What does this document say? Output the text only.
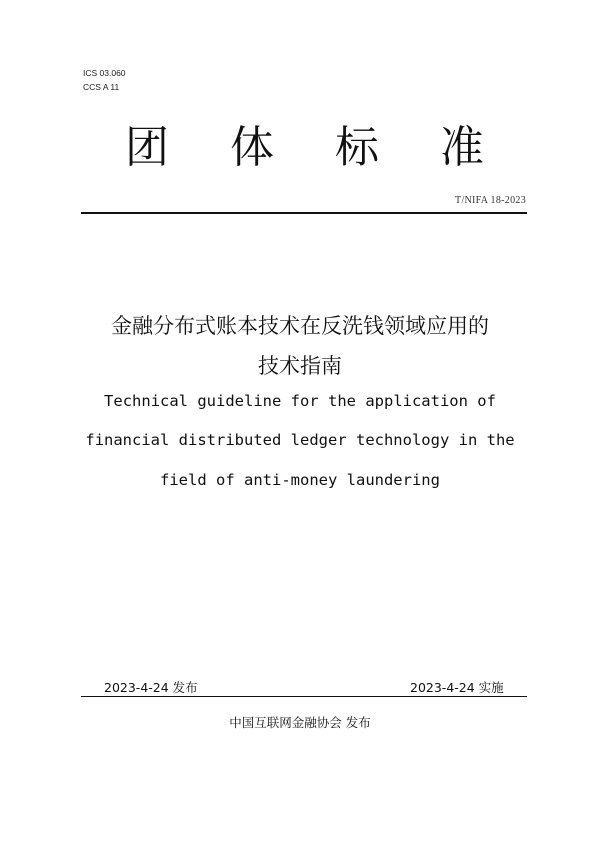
ICS 03.060
CCS A 11
团 体 标 准
T/NIFA 18-2023
金融分布式账本技术在反洗钱领域应用的
技术指南
Technical guideline for the application of
financial distributed ledger technology in the
field of anti-money laundering
2023-4-24 发布	2023-4-24 实施
中国互联网金融协会 发布
